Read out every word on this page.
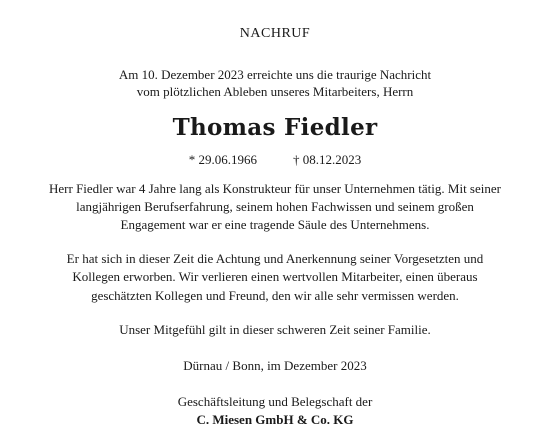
NACHRUF
Am 10. Dezember 2023 erreichte uns die traurige Nachricht
vom plötzlichen Ableben unseres Mitarbeiters, Herrn
Thomas Fiedler
* 29.06.1966	† 08.12.2023
Herr Fiedler war 4 Jahre lang als Konstrukteur für unser Unternehmen tätig. Mit seiner
langjährigen Berufserfahrung, seinem hohen Fachwissen und seinem großen
Engagement war er eine tragende Säule des Unternehmens.
Er hat sich in dieser Zeit die Achtung und Anerkennung seiner Vorgesetzten und
Kollegen erworben. Wir verlieren einen wertvollen Mitarbeiter, einen überaus
geschätzten Kollegen und Freund, den wir alle sehr vermissen werden.
Unser Mitgefühl gilt in dieser schweren Zeit seiner Familie.
Dürnau / Bonn, im Dezember 2023
Geschäftsleitung und Belegschaft der
C. Miesen GmbH & Co. KG
